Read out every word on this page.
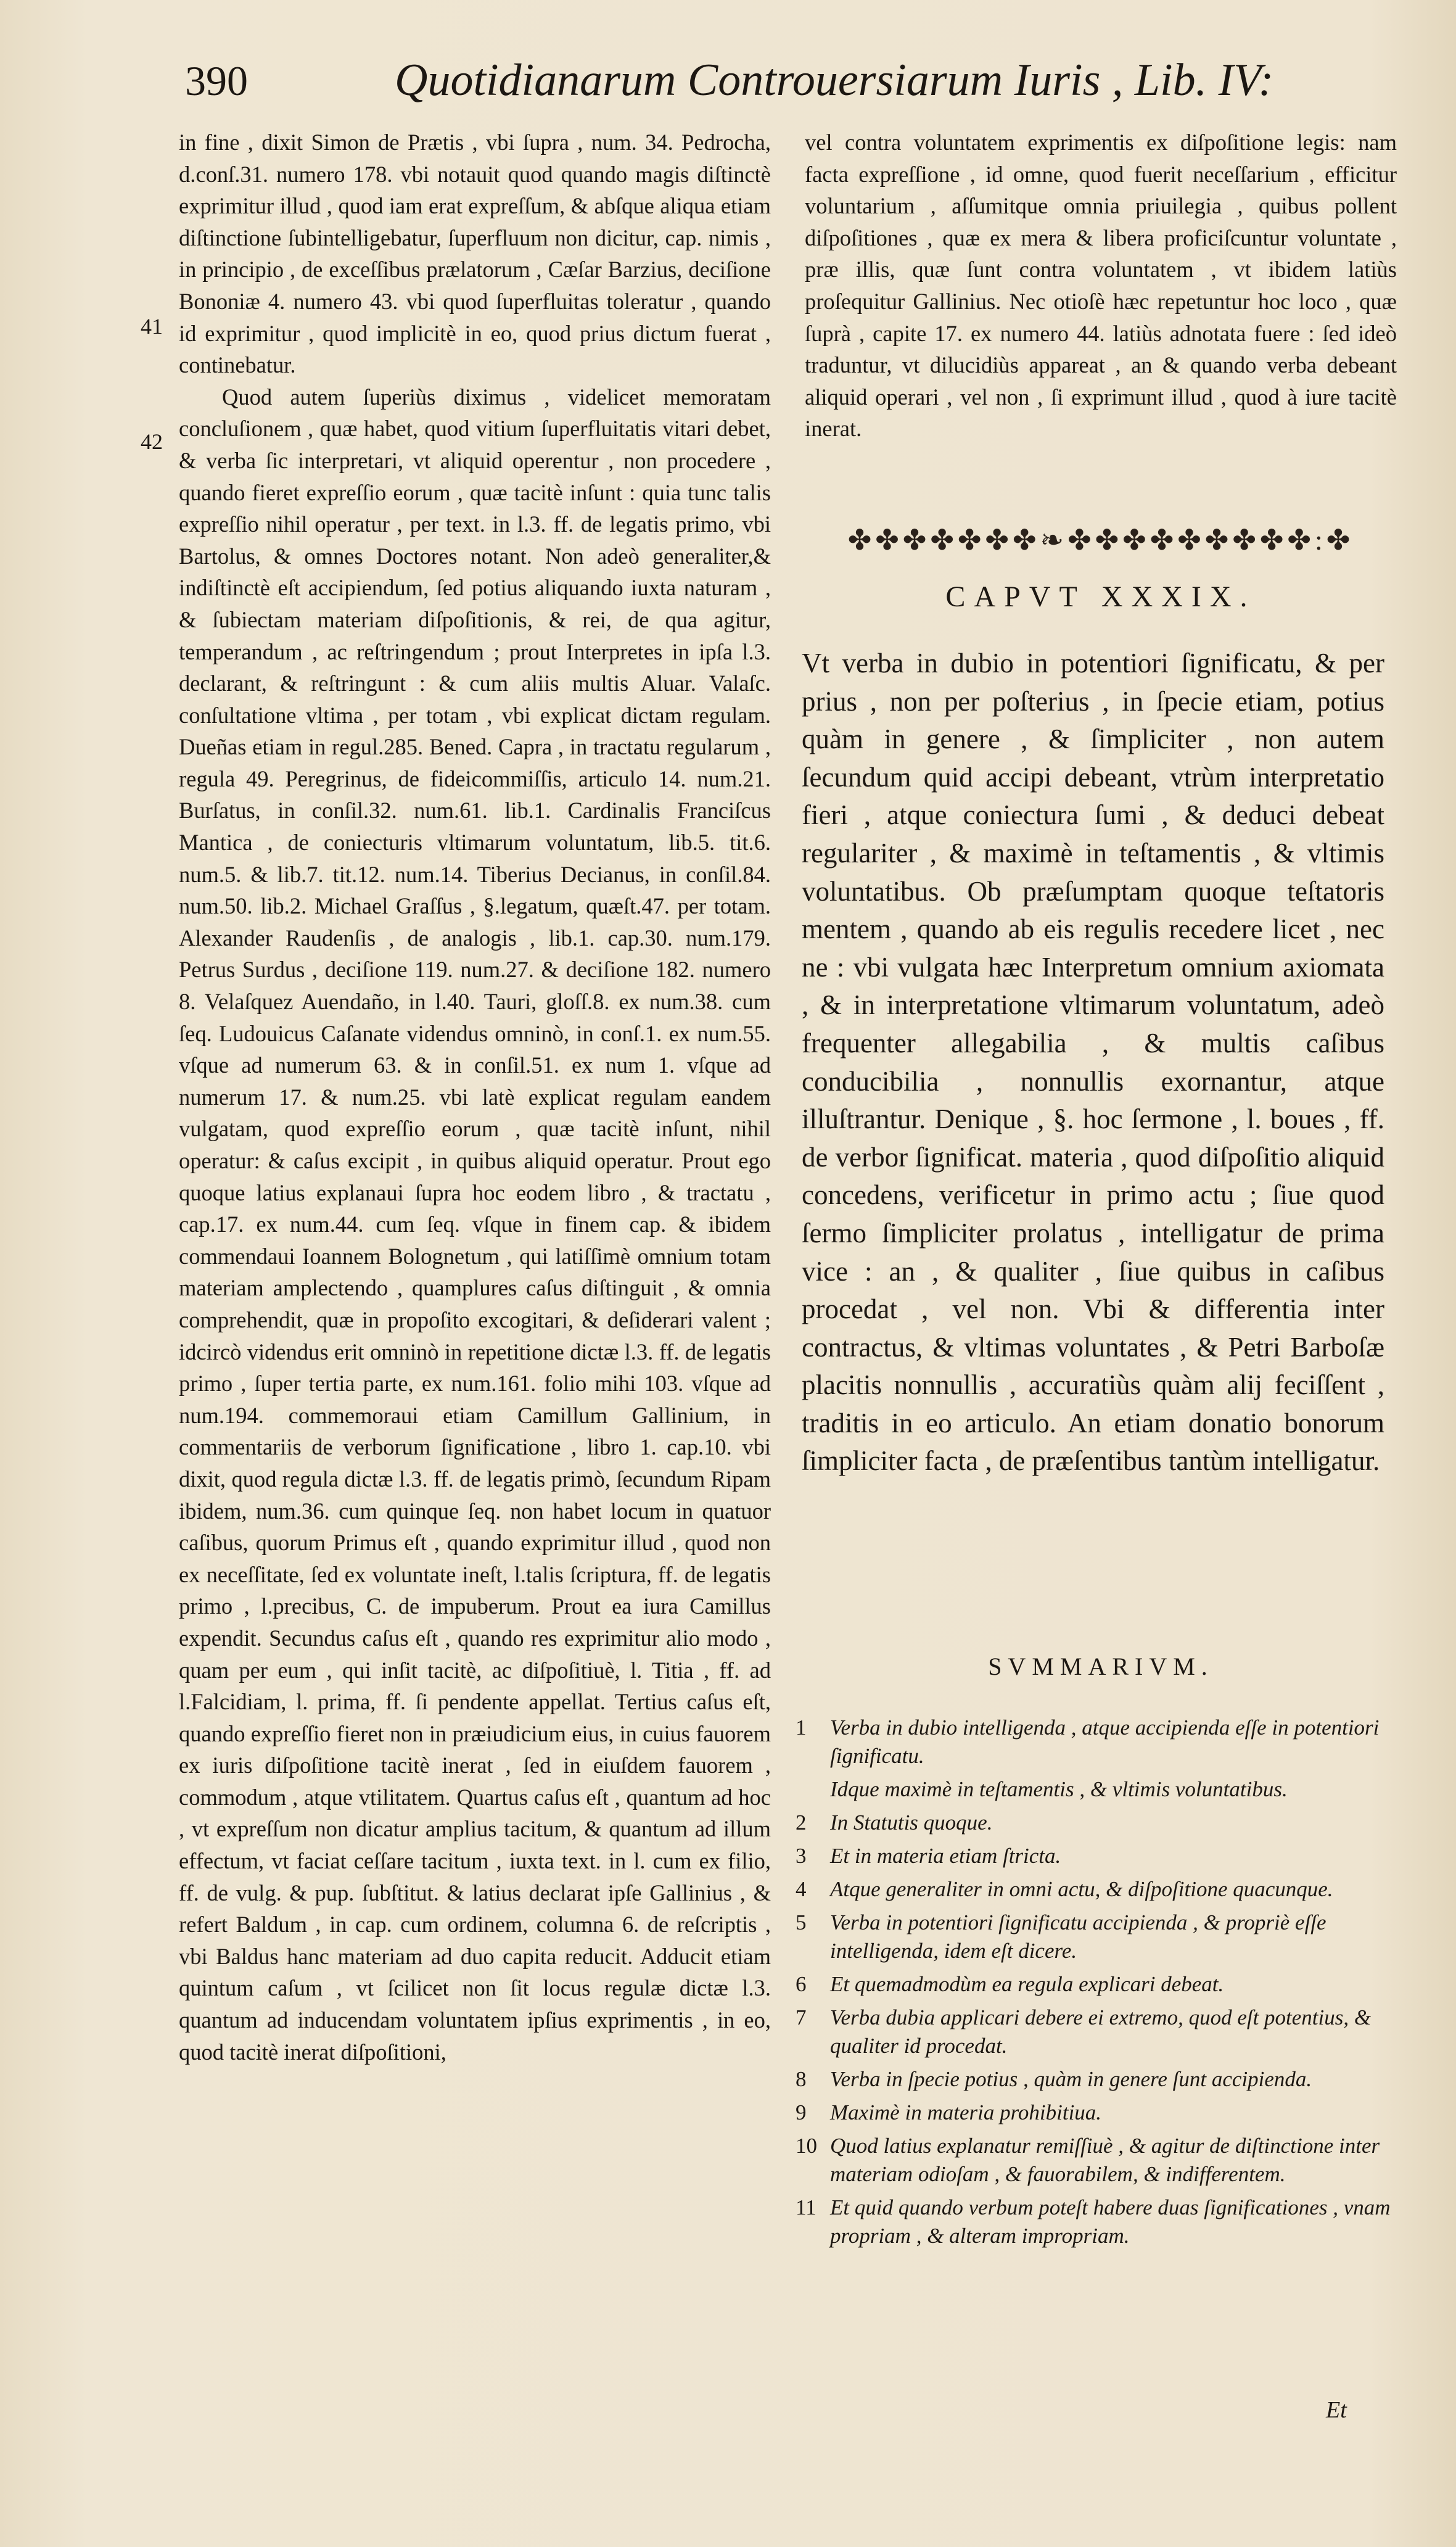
390	Quotidianarum Controuersiarum Iuris , Lib. IV:
41
42

in fine , dixit Simon de Prætis , vbi ſupra , num. 34. Pedrocha, d.conſ.31. numero 178. vbi notauit quod quando magis diſtinctè exprimitur illud , quod iam erat expreſſum, & abſque aliqua etiam diſtinctione ſubintelligebatur, ſuperfluum non dicitur, cap. nimis , in principio , de exceſſibus prælatorum , Cæſar Barzius, deciſione Bononiæ 4. numero 43. vbi quod ſuperfluitas toleratur , quando id exprimitur , quod implicitè in eo, quod prius dictum fuerat , continebatur.

Quod autem ſuperiùs diximus , videlicet memoratam concluſionem , quæ habet, quod vitium ſuperfluitatis vitari debet, & verba ſic interpretari, vt aliquid operentur , non procedere , quando fieret expreſſio eorum , quæ tacitè inſunt : quia tunc talis expreſſio nihil operatur , per text. in l.3. ff. de legatis primo, vbi Bartolus, & omnes Doctores notant. Non adeò generaliter,& indiſtinctè eſt accipiendum, ſed potius aliquando iuxta naturam , & ſubiectam materiam diſpoſitionis, & rei, de qua agitur, temperandum , ac reſtringendum ; prout Interpretes in ipſa l.3. declarant, & reſtringunt : & cum aliis multis Aluar. Valaſc. conſultatione vltima , per totam , vbi explicat dictam regulam. Dueñas etiam in regul.285. Bened. Capra , in tractatu regularum , regula 49. Peregrinus, de fideicommiſſis, articulo 14. num.21. Burſatus, in conſil.32. num.61. lib.1. Cardinalis Franciſcus Mantica , de coniecturis vltimarum voluntatum, lib.5. tit.6. num.5. & lib.7. tit.12. num.14. Tiberius Decianus, in conſil.84. num.50. lib.2. Michael Graſſus , §.legatum, quæſt.47. per totam. Alexander Raudenſis , de analogis , lib.1. cap.30. num.179. Petrus Surdus , deciſione 119. num.27. & deciſione 182. numero 8. Velaſquez Auendaño, in l.40. Tauri, gloſſ.8. ex num.38. cum ſeq. Ludouicus Caſanate videndus omninò, in conſ.1. ex num.55. vſque ad numerum 63. & in conſil.51. ex num 1. vſque ad numerum 17. & num.25. vbi latè explicat regulam eandem vulgatam, quod expreſſio eorum , quæ tacitè inſunt, nihil operatur: & caſus excipit , in quibus aliquid operatur. Prout ego quoque latius explanaui ſupra hoc eodem libro , & tractatu , cap.17. ex num.44. cum ſeq. vſque in finem cap. & ibidem commendaui Ioannem Bolognetum , qui latiſſimè omnium totam materiam amplectendo , quamplures caſus diſtinguit , & omnia comprehendit, quæ in propoſito excogitari, & deſiderari valent ; idcircò videndus erit omninò in repetitione dictæ l.3. ff. de legatis primo , ſuper tertia parte, ex num.161. folio mihi 103. vſque ad num.194. commemoraui etiam Camillum Gallinium, in commentariis de verborum ſignificatione , libro 1. cap.10. vbi dixit, quod regula dictæ l.3. ff. de legatis primò, ſecundum Ripam ibidem, num.36. cum quinque ſeq. non habet locum in quatuor caſibus, quorum Primus eſt , quando exprimitur illud , quod non ex neceſſitate, ſed ex voluntate ineſt, l.talis ſcriptura, ff. de legatis primo , l.precibus, C. de impuberum. Prout ea iura Camillus expendit. Secundus caſus eſt , quando res exprimitur alio modo , quam per eum , qui inſit tacitè, ac diſpoſitiuè, l. Titia , ff. ad l.Falcidiam, l. prima, ff. ſi pendente appellat. Tertius caſus eſt, quando expreſſio fieret non in præiudicium eius, in cuius fauorem ex iuris diſpoſitione tacitè inerat , ſed in eiuſdem fauorem , commodum , atque vtilitatem. Quartus caſus eſt , quantum ad hoc , vt expreſſum non dicatur amplius tacitum, & quantum ad illum effectum, vt faciat ceſſare tacitum , iuxta text. in l. cum ex filio, ff. de vulg. & pup. ſubſtitut. & latius declarat ipſe Gallinius , & refert Baldum , in cap. cum ordinem, columna 6. de reſcriptis , vbi Baldus hanc materiam ad duo capita reducit. Adducit etiam quintum caſum , vt ſcilicet non ſit locus regulæ dictæ l.3. quantum ad inducendam voluntatem ipſius exprimentis , in eo, quod tacitè inerat diſpoſitioni,

vel contra voluntatem exprimentis ex diſpoſitione legis: nam facta expreſſione , id omne, quod fuerit neceſſarium , efficitur voluntarium , aſſumitque omnia priuilegia , quibus pollent diſpoſitiones , quæ ex mera & libera proficiſcuntur voluntate , præ illis, quæ ſunt contra voluntatem , vt ibidem latiùs proſequitur Gallinius. Nec otioſè hæc repetuntur hoc loco , quæ ſuprà , capite 17. ex numero 44. latiùs adnotata fuere : ſed ideò traduntur, vt dilucidiùs appareat , an & quando verba debeant aliquid operari , vel non , ſi exprimunt illud , quod à iure tacitè inerat.

✤✤✤✤✤✤✤❧✤✤✤✤✤✤✤✤✤:✤
CAPVT XXXIX.

Vt verba in dubio in potentiori ſignificatu, & per prius , non per poſterius , in ſpecie etiam, potius quàm in genere , & ſimpliciter , non autem ſecundum quid accipi debeant, vtrùm interpretatio fieri , atque coniectura ſumi , & deduci debeat regulariter , & maximè in teſtamentis , & vltimis voluntatibus. Ob præſumptam quoque teſtatoris mentem , quando ab eis regulis recedere licet , nec ne : vbi vulgata hæc Interpretum omnium axiomata , & in interpretatione vltimarum voluntatum, adeò frequenter allegabilia , & multis caſibus conducibilia , nonnullis exornantur, atque illuſtrantur. Denique , §. hoc ſermone , l. boues , ff. de verbor ſignificat. materia , quod diſpoſitio aliquid concedens, verificetur in primo actu ; ſiue quod ſermo ſimpliciter prolatus , intelligatur de prima vice : an , & qualiter , ſiue quibus in caſibus procedat , vel non. Vbi & differentia inter contractus, & vltimas voluntates , & Petri Barboſæ placitis nonnullis , accuratiùs quàm alij feciſſent , traditis in eo articulo. An etiam donatio bonorum ſimpliciter facta , de præſentibus tantùm intelligatur.

SVMMARIVM.
1 Verba in dubio intelligenda , atque accipienda eſſe in potentiori ſignificatu.
Idque maximè in teſtamentis , & vltimis voluntatibus.
2 In Statutis quoque.
3 Et in materia etiam ſtricta.
4 Atque generaliter in omni actu, & diſpoſitione quacunque.
5 Verba in potentiori ſignificatu accipienda , & propriè eſſe intelligenda, idem eſt dicere.
6 Et quemadmodùm ea regula explicari debeat.
7 Verba dubia applicari debere ei extremo, quod eſt potentius, & qualiter id procedat.
8 Verba in ſpecie potius , quàm in genere ſunt accipienda.
9 Maximè in materia prohibitiua.
10 Quod latius explanatur remiſſiuè , & agitur de diſtinctione inter materiam odioſam , & fauorabilem, & indifferentem.
11 Et quid quando verbum poteſt habere duas ſignificationes , vnam propriam , & alteram impropriam.
Et
